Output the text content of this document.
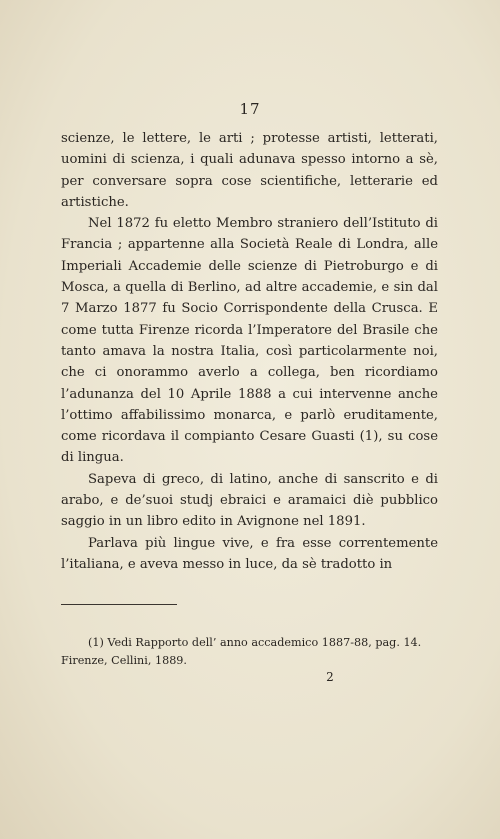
17

scienze, le lettere, le arti ; protesse artisti, letterati, uomini di scienza, i quali adunava spesso intorno a sè, per conversare sopra cose scientifiche, letterarie ed artistiche.

Nel 1872 fu eletto Membro straniero dell’Istituto di Francia ; appartenne alla Società Reale di Londra, alle Imperiali Accademie delle scienze di Pietroburgo e di Mosca, a quella di Berlino, ad altre accademie, e sin dal 7 Marzo 1877 fu Socio Corrispondente della Crusca. E come tutta Firenze ricorda l’Imperatore del Brasile che tanto amava la nostra Italia, così particolarmente noi, che ci onorammo averlo a collega, ben ricordiamo l’adunanza del 10 Aprile 1888 a cui intervenne anche l’ottimo affabilissimo monarca, e parlò eruditamente, come ricordava il compianto Cesare Guasti (1), su cose di lingua.

Sapeva di greco, di latino, anche di sanscrito e di arabo, e de’suoi studj ebraici e aramaici diè pubblico saggio in un libro edito in Avignone nel 1891.

Parlava più lingue vive, e fra esse correntemente l’italiana, e aveva messo in luce, da sè tradotto in

(1) Vedi Rapporto dell’ anno accademico 1887-88, pag. 14. Firenze, Cellini, 1889.

2
